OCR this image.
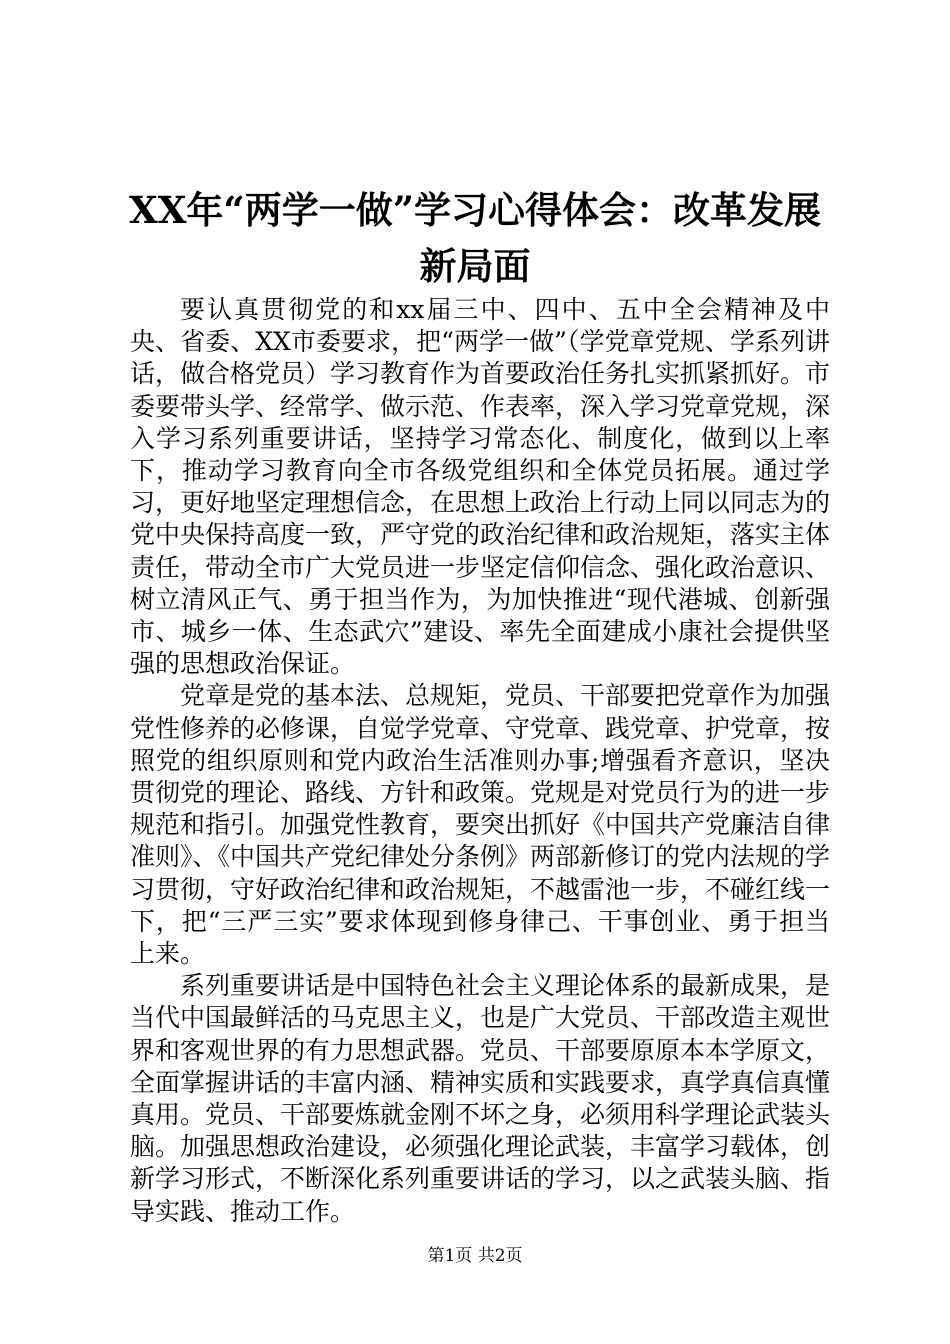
XX年“两学一做”学习心得体会：改革发展
新局面

要认真贯彻党的和xx届三中、四中、五中全会精神及中央、省委、XX市委要求，把“两学一做”（学党章党规、学系列讲话，做合格党员）学习教育作为首要政治任务扎实抓紧抓好。市委要带头学、经常学、做示范、作表率，深入学习党章党规，深入学习系列重要讲话，坚持学习常态化、制度化，做到以上率下，推动学习教育向全市各级党组织和全体党员拓展。通过学习，更好地坚定理想信念，在思想上政治上行动上同以同志为的党中央保持高度一致，严守党的政治纪律和政治规矩，落实主体责任，带动全市广大党员进一步坚定信仰信念、强化政治意识、树立清风正气、勇于担当作为，为加快推进“现代港城、创新强市、城乡一体、生态武穴”建设、率先全面建成小康社会提供坚强的思想政治保证。

党章是党的基本法、总规矩，党员、干部要把党章作为加强党性修养的必修课，自觉学党章、守党章、践党章、护党章，按照党的组织原则和党内政治生活准则办事;增强看齐意识，坚决贯彻党的理论、路线、方针和政策。党规是对党员行为的进一步规范和指引。加强党性教育，要突出抓好《中国共产党廉洁自律准则》、《中国共产党纪律处分条例》两部新修订的党内法规的学习贯彻，守好政治纪律和政治规矩，不越雷池一步，不碰红线一下，把“三严三实”要求体现到修身律己、干事创业、勇于担当上来。

系列重要讲话是中国特色社会主义理论体系的最新成果，是当代中国最鲜活的马克思主义，也是广大党员、干部改造主观世界和客观世界的有力思想武器。党员、干部要原原本本学原文，全面掌握讲话的丰富内涵、精神实质和实践要求，真学真信真懂真用。党员、干部要炼就金刚不坏之身，必须用科学理论武装头脑。加强思想政治建设，必须强化理论武装，丰富学习载体，创新学习形式，不断深化系列重要讲话的学习，以之武装头脑、指导实践、推动工作。

第1页 共2页
